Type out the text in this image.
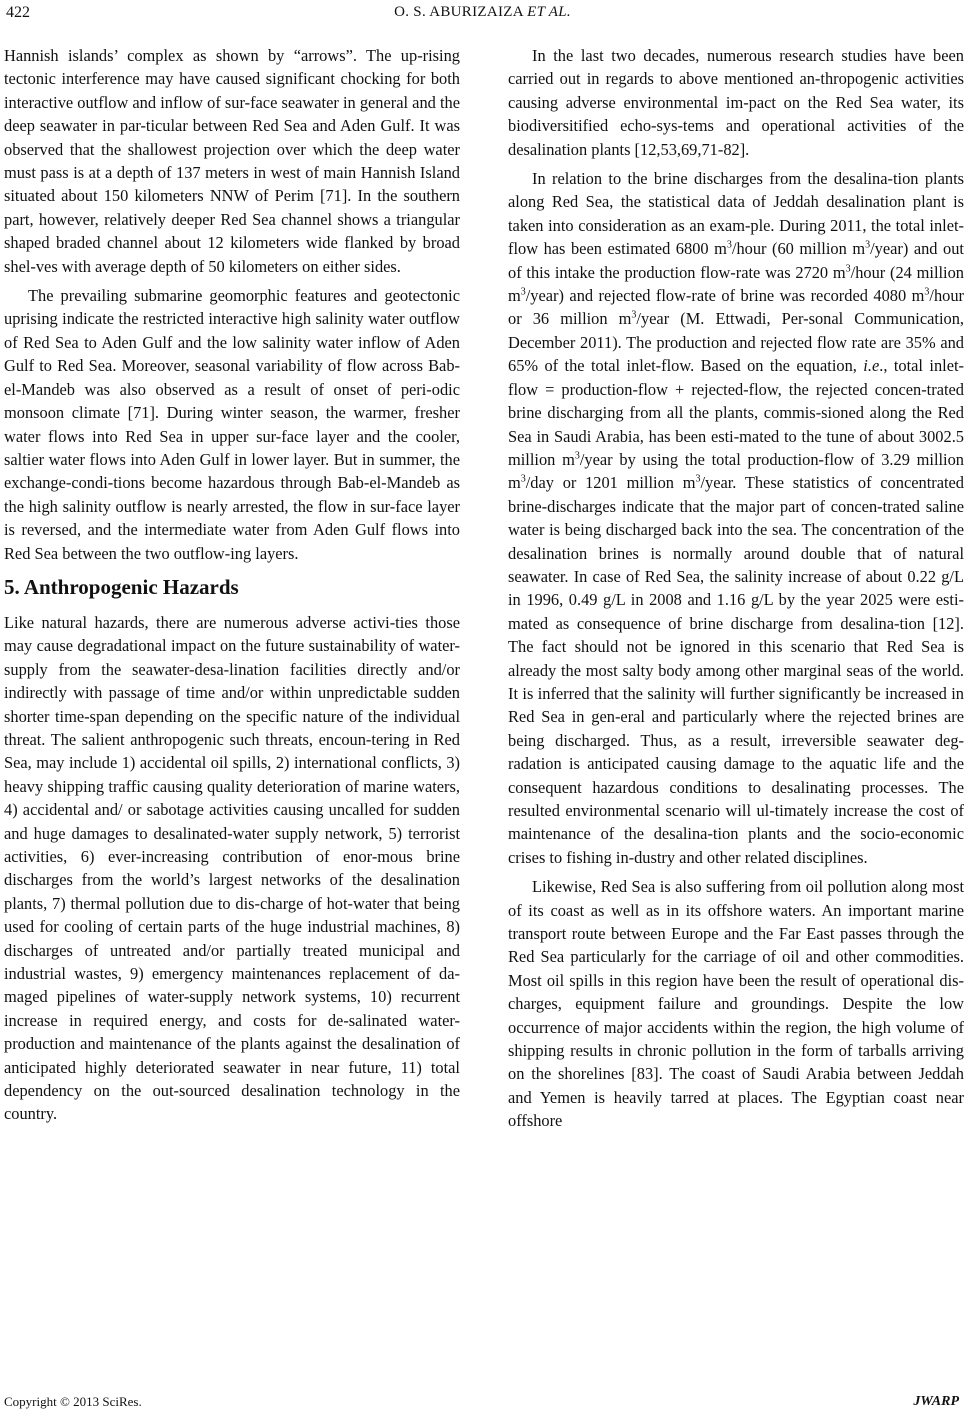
422	O. S. ABURIZAIZA ET AL.

Hannish islands’ complex as shown by “arrows”. The up-rising tectonic interference may have caused significant chocking for both interactive outflow and inflow of sur-face seawater in general and the deep seawater in par-ticular between Red Sea and Aden Gulf. It was observed that the shallowest projection over which the deep water must pass is at a depth of 137 meters in west of main Hannish Island situated about 150 kilometers NNW of Perim [71]. In the southern part, however, relatively deeper Red Sea channel shows a triangular shaped braded channel about 12 kilometers wide flanked by broad shel-ves with average depth of 50 kilometers on either sides.

The prevailing submarine geomorphic features and geotectonic uprising indicate the restricted interactive high salinity water outflow of Red Sea to Aden Gulf and the low salinity water inflow of Aden Gulf to Red Sea. Moreover, seasonal variability of flow across Bab-el-Mandeb was also observed as a result of onset of peri-odic monsoon climate [71]. During winter season, the warmer, fresher water flows into Red Sea in upper sur-face layer and the cooler, saltier water flows into Aden Gulf in lower layer. But in summer, the exchange-condi-tions become hazardous through Bab-el-Mandeb as the high salinity outflow is nearly arrested, the flow in sur-face layer is reversed, and the intermediate water from Aden Gulf flows into Red Sea between the two outflow-ing layers.

5. Anthropogenic Hazards

Like natural hazards, there are numerous adverse activi-ties those may cause degradational impact on the future sustainability of water-supply from the seawater-desa-lination facilities directly and/or indirectly with passage of time and/or within unpredictable sudden shorter time-span depending on the specific nature of the individual threat. The salient anthropogenic such threats, encoun-tering in Red Sea, may include 1) accidental oil spills, 2) international conflicts, 3) heavy shipping traffic causing quality deterioration of marine waters, 4) accidental and/ or sabotage activities causing uncalled for sudden and huge damages to desalinated-water supply network, 5) terrorist activities, 6) ever-increasing contribution of enor-mous brine discharges from the world’s largest networks of the desalination plants, 7) thermal pollution due to dis-charge of hot-water that being used for cooling of certain parts of the huge industrial machines, 8) discharges of untreated and/or partially treated municipal and industrial wastes, 9) emergency maintenances replacement of da-maged pipelines of water-supply network systems, 10) recurrent increase in required energy, and costs for de-salinated water-production and maintenance of the plants against the desalination of anticipated highly deteriorated seawater in near future, 11) total dependency on the out-sourced desalination technology in the country.

In the last two decades, numerous research studies have been carried out in regards to above mentioned an-thropogenic activities causing adverse environmental im-pact on the Red Sea water, its biodiversitified echo-sys-tems and operational activities of the desalination plants [12,53,69,71-82].

In relation to the brine discharges from the desalina-tion plants along Red Sea, the statistical data of Jeddah desalination plant is taken into consideration as an exam-ple. During 2011, the total inlet-flow has been estimated 6800 $m^3$/hour (60 million $m^3/year$) and out of this intake the production flow-rate was 2720 $m^3$/hour (24 million $m^3/year$) and rejected flow-rate of brine was recorded 4080 $m^3$/hour or 36 million $m^3$/year (M. Ettwadi, Per-sonal Communication, December 2011). The production and rejected flow rate are 35% and 65% of the total inlet-flow. Based on the equation, i.e., total inlet-flow = production-flow + rejected-flow, the rejected concen-trated brine discharging from all the plants, commis-sioned along the Red Sea in Saudi Arabia, has been esti-mated to the tune of about 3002.5 million $m^3$/year by using the total production-flow of 3.29 million $m^3$/day or 1201 million $m^3$/year. These statistics of concentrated brine-discharges indicate that the major part of concen-trated saline water is being discharged back into the sea. The concentration of the desalination brines is normally around double that of natural seawater. In case of Red Sea, the salinity increase of about 0.22 g/L in 1996, 0.49 g/L in 2008 and 1.16 g/L by the year 2025 were esti-mated as consequence of brine discharge from desalina-tion [12]. The fact should not be ignored in this scenario that Red Sea is already the most salty body among other marginal seas of the world. It is inferred that the salinity will further significantly be increased in Red Sea in gen-eral and particularly where the rejected brines are being discharged. Thus, as a result, irreversible seawater deg-radation is anticipated causing damage to the aquatic life and the consequent hazardous conditions to desalinating processes. The resulted environmental scenario will ul-timately increase the cost of maintenance of the desalina-tion plants and the socio-economic crises to fishing in-dustry and other related disciplines.

Likewise, Red Sea is also suffering from oil pollution along most of its coast as well as in its offshore waters. An important marine transport route between Europe and the Far East passes through the Red Sea particularly for the carriage of oil and other commodities. Most oil spills in this region have been the result of operational dis-charges, equipment failure and groundings. Despite the low occurrence of major accidents within the region, the high volume of shipping results in chronic pollution in the form of tarballs arriving on the shorelines [83]. The coast of Saudi Arabia between Jeddah and Yemen is heavily tarred at places. The Egyptian coast near offshore

Copyright © 2013 SciRes.	JWARP
